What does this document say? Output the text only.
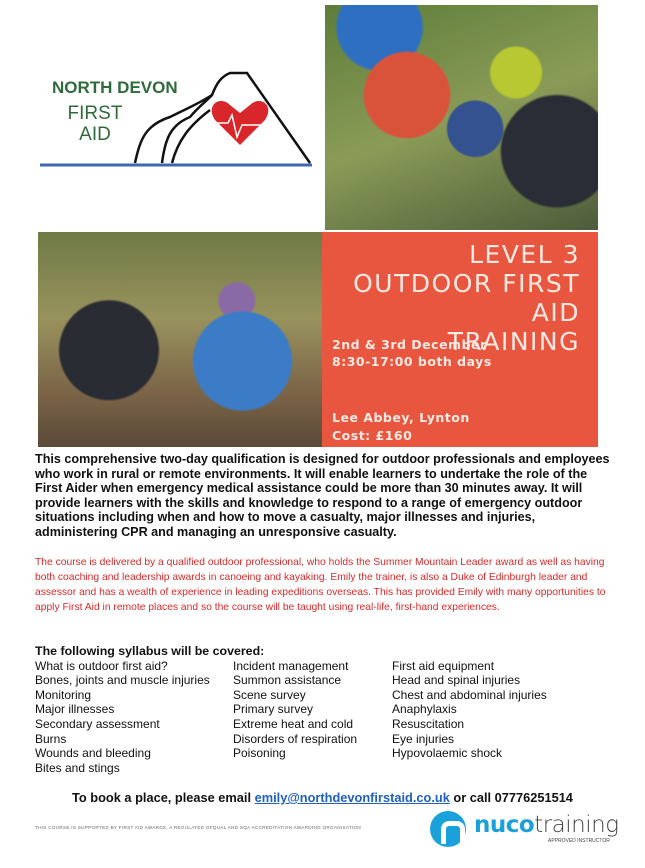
NORTH DEVON
FIRST
AID
LEVEL 3
OUTDOOR FIRST AID
TRAINING
2nd & 3rd December
8:30-17:00 both days
Lee Abbey, Lynton
Cost: £160

This comprehensive two-day qualification is designed for outdoor professionals and employees who work in rural or remote environments. It will enable learners to undertake the role of the First Aider when emergency medical assistance could be more than 30 minutes away. It will provide learners with the skills and knowledge to respond to a range of emergency outdoor situations including when and how to move a casualty, major illnesses and injuries, administering CPR and managing an unresponsive casualty.

The course is delivered by a qualified outdoor professional, who holds the Summer Mountain Leader award as well as having both coaching and leadership awards in canoeing and kayaking. Emily the trainer, is also a Duke of Edinburgh leader and assessor and has a wealth of experience in leading expeditions overseas. This has provided Emily with many opportunities to apply First Aid in remote places and so the course will be taught using real-life, first-hand experiences.

The following syllabus will be covered:
What is outdoor first aid?
Bones, joints and muscle injuries
Monitoring
Major illnesses
Secondary assessment
Burns
Wounds and bleeding
Bites and stings
Incident management
Summon assistance
Scene survey
Primary survey
Extreme heat and cold
Disorders of respiration
Poisoning
First aid equipment
Head and spinal injuries
Chest and abdominal injuries
Anaphylaxis
Resuscitation
Eye injuries
Hypovolaemic shock
To book a place, please email emily@northdevonfirstaid.co.uk or call 07776251514
THIS COURSE IS SUPPORTED BY FIRST AID AWARDS, A REGULATED OFQUAL AND SQA ACCREDITATION AWARDING ORGANISATION	nucotraining
APPROVED INSTRUCTOR
